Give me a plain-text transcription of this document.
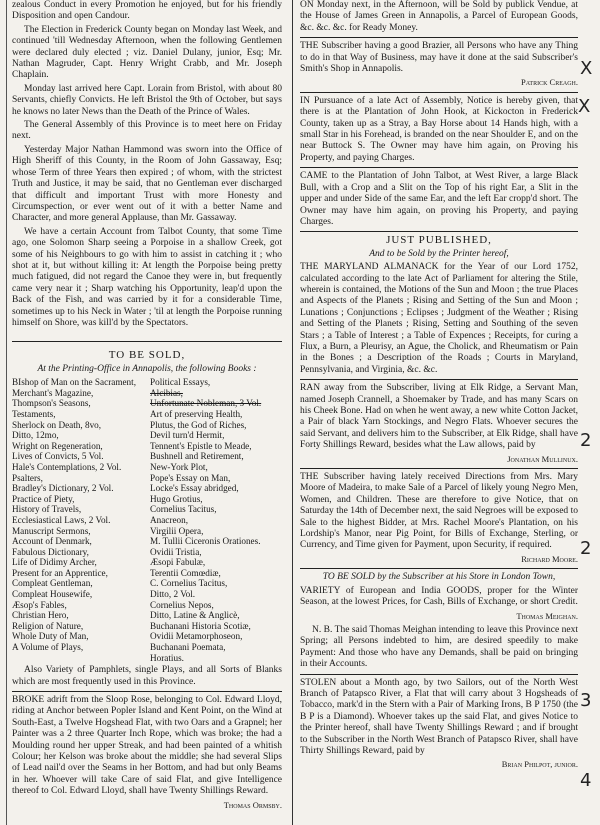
zealous Conduct in every Promotion he enjoyed, but for his friendly Disposition and open Candour.

The Election in Frederick County began on Monday last Week, and continued 'till Wednesday Afternoon, when the following Gentlemen were declared duly elected ; viz. Daniel Dulany, junior, Esq; Mr. Nathan Magruder, Capt. Henry Wright Crabb, and Mr. Joseph Chaplain.

Monday last arrived here Capt. Lorain from Bristol, with about 80 Servants, chiefly Convicts. He left Bristol the 9th of October, but says he knows no later News than the Death of the Prince of Wales.

The General Assembly of this Province is to meet here on Friday next.

Yesterday Major Nathan Hammond was sworn into the Office of High Sheriff of this County, in the Room of John Gassaway, Esq; whose Term of three Years then expired ; of whom, with the strictest Truth and Justice, it may be said, that no Gentleman ever discharged that difficult and important Trust with more Honesty and Circumspection, or ever went out of it with a better Name and Character, and more general Applause, than Mr. Gassaway.

We have a certain Account from Talbot County, that some Time ago, one Solomon Sharp seeing a Porpoise in a shallow Creek, got some of his Neighbours to go with him to assist in catching it ; who shot at it, but without killing it: At length the Porpoise being pretty much fatigued, did not regard the Canoe they were in, but frequently came very near it ; Sharp watching his Opportunity, leap'd upon the Back of the Fish, and was carried by it for a considerable Time, sometimes up to his Neck in Water ; 'til at length the Porpoise running himself on Shore, was kill'd by the Spectators.

TO BE SOLD,
At the Printing-Office in Annapolis, the following Books :
BIshop of Man on the Sacrament,
Merchant's Magazine,
Thompson's Seasons,
Testaments,
Sherlock on Death, 8vo,
Ditto, 12mo,
Wright on Regeneration,
Lives of Convicts, 5 Vol.
Hale's Contemplations, 2 Vol.
Psalters,
Bradley's Dictionary, 2 Vol.
Practice of Piety,
History of Travels,
Ecclesiastical Laws, 2 Vol.
Manuscript Sermons,
Account of Denmark,
Fabulous Dictionary,
Life of Didimy Archer,
Present for an Apprentice,
Compleat Gentleman,
Compleat Housewife,
Æsop's Fables,
Christian Hero,
Religion of Nature,
Whole Duty of Man,
A Volume of Plays,
Political Essays,
Alcibias,
Unfortunate Nobleman, 3 Vol.
Art of preserving Health,
Plutus, the God of Riches,
Devil turn'd Hermit,
Tennent's Epistle to Meade,
Bushnell and Retirement,
New-York Plot,
Pope's Essay on Man,
Locke's Essay abridged,
Hugo Grotius,
Cornelius Tacitus,
Anacreon,
Virgilii Opera,
M. Tullii Ciceronis Orationes.
Ovidii Tristia,
Æsopi Fabulæ,
Terentii Comœdiæ,
C. Cornelius Tacitus,
Ditto, 2 Vol.
Cornelius Nepos,
Ditto, Latine & Anglicè,
Buchanani Historia Scotiæ,
Ovidii Metamorphoseon,
Buchanani Poemata,
Horatius.

Also Variety of Pamphlets, single Plays, and all Sorts of Blanks which are most frequently used in this Province.

BROKE adrift from the Sloop Rose, belonging to Col. Edward Lloyd, riding at Anchor between Popler Island and Kent Point, on the Wind at South-East, a Twelve Hogshead Flat, with two Oars and a Grapnel; her Painter was a 2 three Quarter Inch Rope, which was broke; the had a Moulding round her upper Streak, and had been painted of a whitish Colour; her Kelson was broke about the middle; she had several Slips of Lead nail'd over the Seams in her Bottom, and had but only Beams in her. Whoever will take Care of said Flat, and give Intelligence thereof to Col. Edward Lloyd, shall have Twenty Shillings Reward.

Thomas Ormsby.

ON Monday next, in the Afternoon, will be Sold by publick Vendue, at the House of James Green in Annapolis, a Parcel of European Goods, &c. &c. &c. for Ready Money.

THE Subscriber having a good Brazier, all Persons who have any Thing to do in that Way of Business, may have it done at the said Subscriber's Smith's Shop in Annapolis.

Patrick Creagh.

IN Pursuance of a late Act of Assembly, Notice is hereby given, that there is at the Plantation of John Hook, at Kickocton in Frederick County, taken up as a Stray, a Bay Horse about 14 Hands high, with a small Star in his Forehead, is branded on the near Shoulder E, and on the near Buttock S. The Owner may have him again, on Proving his Property, and paying Charges.

CAME to the Plantation of John Talbot, at West River, a large Black Bull, with a Crop and a Slit on the Top of his right Ear, a Slit in the upper and under Side of the same Ear, and the left Ear cropp'd short. The Owner may have him again, on proving his Property, and paying Charges.

JUST PUBLISHED,
And to be Sold by the Printer hereof,

THE MARYLAND ALMANACK for the Year of our Lord 1752, calculated according to the late Act of Parliament for altering the Stile, wherein is contained, the Motions of the Sun and Moon ; the true Places and Aspects of the Planets ; Rising and Setting of the Sun and Moon ; Lunations ; Conjunctions ; Eclipses ; Judgment of the Weather ; Rising and Setting of the Planets ; Rising, Setting and Southing of the seven Stars ; a Table of Interest ; a Table of Expences ; Receipts, for curing a Flux, a Burn, a Pleurisy, an Ague, the Cholick, and Rheumatism or Pain in the Bones ; a Description of the Roads ; Courts in Maryland, Pennsylvania, and Virginia, &c. &c.

RAN away from the Subscriber, living at Elk Ridge, a Servant Man, named Joseph Crannell, a Shoemaker by Trade, and has many Scars on his Cheek Bone. Had on when he went away, a new white Cotton Jacket, a Pair of black Yarn Stockings, and Negro Flats. Whoever secures the said Servant, and delivers him to the Subscriber, at Elk Ridge, shall have Forty Shillings Reward, besides what the Law allows, paid by

Jonathan Mullinux.

THE Subscriber having lately received Directions from Mrs. Mary Moore of Madeira, to make Sale of a Parcel of likely young Negro Men, Women, and Children. These are therefore to give Notice, that on Saturday the 14th of December next, the said Negroes will be exposed to Sale to the highest Bidder, at Mrs. Rachel Moore's Plantation, on his Lordship's Manor, near Pig Point, for Bills of Exchange, Sterling, or Currency, and Time given for Payment, upon Security, if required.

Richard Moore.
TO BE SOLD by the Subscriber at his Store in London Town,

VARIETY of European and India GOODS, proper for the Winter Season, at the lowest Prices, for Cash, Bills of Exchange, or short Credit.

Thomas Meighan.

N. B. The said Thomas Meighan intending to leave this Province next Spring; all Persons indebted to him, are desired speedily to make Payment: And those who have any Demands, shall be paid on bringing in their Accounts.

STOLEN about a Month ago, by two Sailors, out of the North West Branch of Patapsco River, a Flat that will carry about 3 Hogsheads of Tobacco, mark'd in the Stern with a Pair of Marking Irons, B P 1750 (the B P is a Diamond). Whoever takes up the said Flat, and gives Notice to the Printer hereof, shall have Twenty Shillings Reward ; and if brought to the Subscriber in the North West Branch of Patapsco River, shall have Thirty Shillings Reward, paid by

Brian Philpot, junior.
X
X
2
2
3
4
